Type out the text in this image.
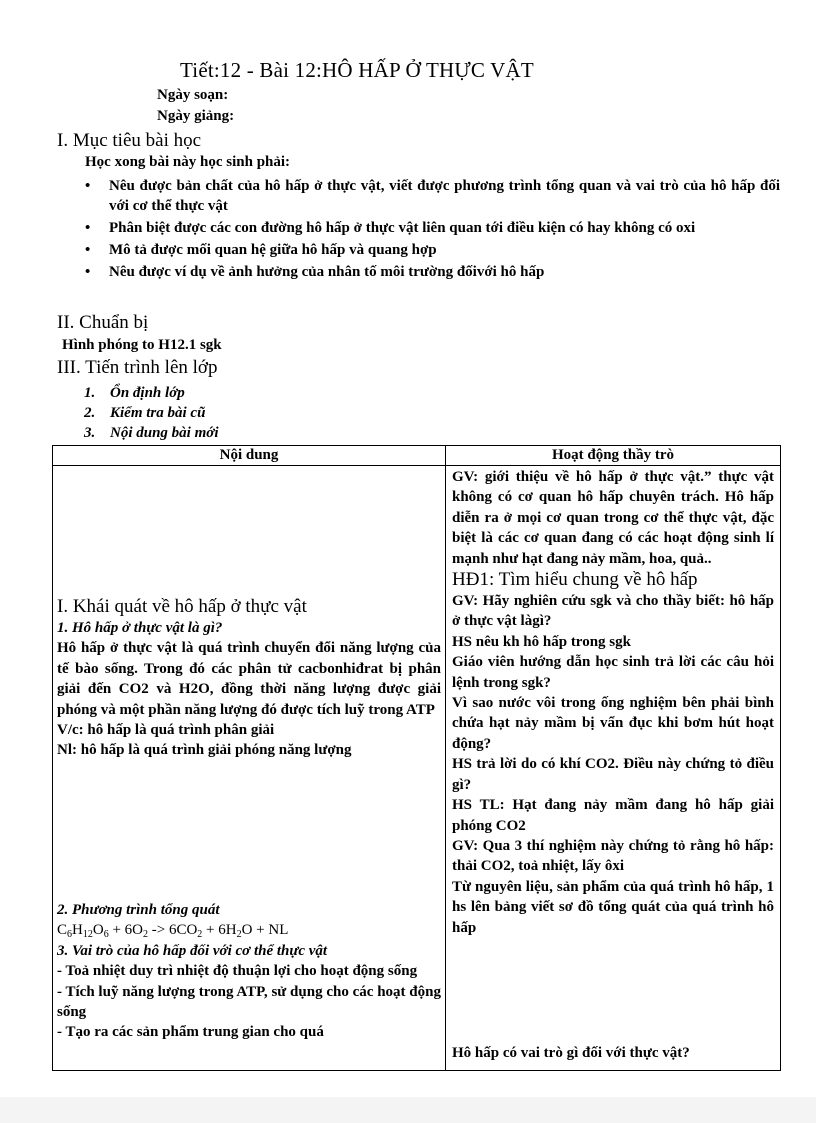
Tiết:12 - Bài 12:HÔ HẤP Ở THỰC VẬT
Ngày soạn:
Ngày giảng:
I. Mục tiêu bài học
Học xong bài này học sinh phải:
• Nêu được bản chất của hô hấp ở thực vật, viết được phương trình tổng quan và vai trò của hô hấp đối với cơ thể thực vật
• Phân biệt được các con đường hô hấp ở thực vật liên quan tới điều kiện có hay không có oxi
• Mô tả được mối quan hệ giữa hô hấp và quang hợp
• Nêu được ví dụ về ảnh hưởng của nhân tố môi trường đốivới hô hấp
II. Chuẩn bị
Hình phóng to H12.1 sgk
III. Tiến trình lên lớp
1. Ổn định lớp
2. Kiểm tra bài cũ
3. Nội dung bài mới
Nội dung	Hoạt động thầy trò

I. Khái quát về hô hấp ở thực vật

1. Hô hấp ở thực vật là gì?

Hô hấp ở thực vật là quá trình chuyển đổi năng lượng của tế bào sống. Trong đó các phân tử cacbonhiđrat bị phân giải đến CO2 và H2O, đồng thời năng lượng được giải phóng và một phần năng lượng đó được tích luỹ trong ATP

V/c: hô hấp là quá trình phân giải

Nl: hô hấp là quá trình giải phóng năng lượng

2. Phương trình tổng quát

$C_6H_{12}O_6 + 6O_2 -> 6CO_2 + 6H_2O$ + NL

3. Vai trò của hô hấp đối với cơ thể thực vật

- Toả nhiệt duy trì nhiệt độ thuận lợi cho hoạt động sống

- Tích luỹ năng lượng trong ATP, sử dụng cho các hoạt động sống

- Tạo ra các sản phẩm trung gian cho quá

GV: giới thiệu về hô hấp ở thực vật.” thực vật không có cơ quan hô hấp chuyên trách. Hô hấp diễn ra ở mọi cơ quan trong cơ thể thực vật, đặc biệt là các cơ quan đang có các hoạt động sinh lí mạnh như hạt đang nảy mầm, hoa, quả..

HĐ1: Tìm hiểu chung về hô hấp

GV: Hãy nghiên cứu sgk và cho thầy biết: hô hấp ở thực vật làgì?

HS nêu kh hô hấp trong sgk

Giáo viên hướng dẫn học sinh trả lời các câu hỏi lệnh trong sgk?

Vì sao nước vôi trong ống nghiệm bên phải bình chứa hạt nảy mầm bị vẩn đục khi bơm hút hoạt động?

HS trả lời do có khí CO2. Điều này chứng tỏ điều gì?

HS TL: Hạt đang nảy mầm đang hô hấp giải phóng CO2

GV: Qua 3 thí nghiệm này chứng tỏ rằng hô hấp: thải CO2, toả nhiệt, lấy ôxi

Từ nguyên liệu, sản phẩm của quá trình hô hấp, 1 hs lên bảng viết sơ đồ tổng quát của quá trình hô hấp

Hô hấp có vai trò gì đối với thực vật?
